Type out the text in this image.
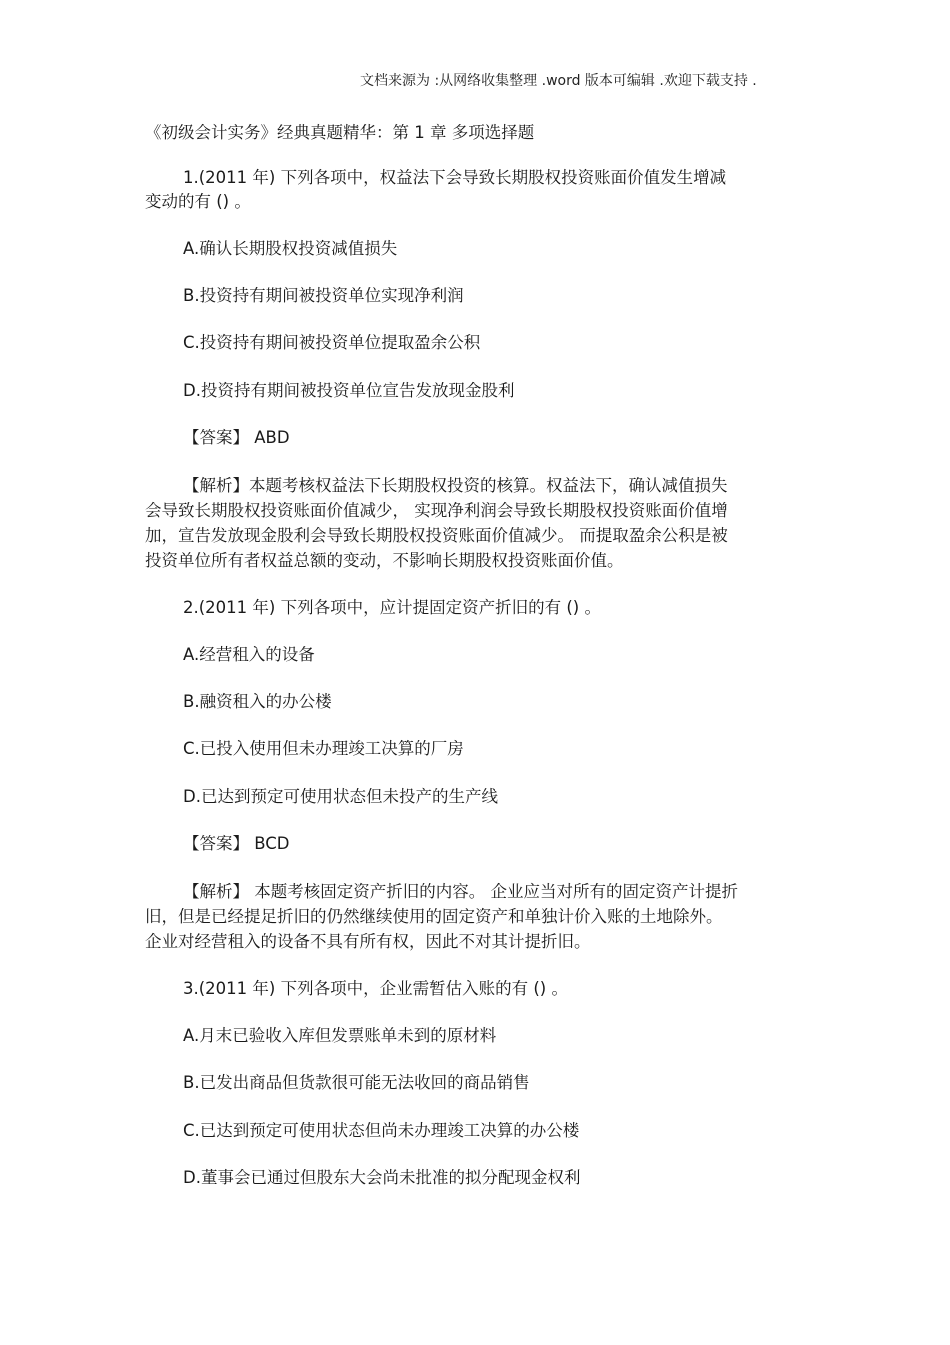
文档来源为 :从网络收集整理 .word 版本可编辑 .欢迎下载支持 .
《初级会计实务》经典真题精华：第 1 章 多项选择题
1.(2011 年) 下列各项中，权益法下会导致长期股权投资账面价值发生增减
变动的有 () 。
A.确认长期股权投资减值损失
B.投资持有期间被投资单位实现净利润
C.投资持有期间被投资单位提取盈余公积
D.投资持有期间被投资单位宣告发放现金股利
【答案】 ABD
【解析】本题考核权益法下长期股权投资的核算。权益法下，确认减值损失
会导致长期股权投资账面价值减少， 实现净利润会导致长期股权投资账面价值增
加，宣告发放现金股利会导致长期股权投资账面价值减少。 而提取盈余公积是被
投资单位所有者权益总额的变动，不影响长期股权投资账面价值。
2.(2011 年) 下列各项中，应计提固定资产折旧的有 () 。
A.经营租入的设备
B.融资租入的办公楼
C.已投入使用但未办理竣工决算的厂房
D.已达到预定可使用状态但未投产的生产线
【答案】 BCD
【解析】 本题考核固定资产折旧的内容。 企业应当对所有的固定资产计提折
旧，但是已经提足折旧的仍然继续使用的固定资产和单独计价入账的土地除外。
企业对经营租入的设备不具有所有权，因此不对其计提折旧。
3.(2011 年) 下列各项中，企业需暂估入账的有 () 。
A.月末已验收入库但发票账单未到的原材料
B.已发出商品但货款很可能无法收回的商品销售
C.已达到预定可使用状态但尚未办理竣工决算的办公楼
D.董事会已通过但股东大会尚未批准的拟分配现金权利
